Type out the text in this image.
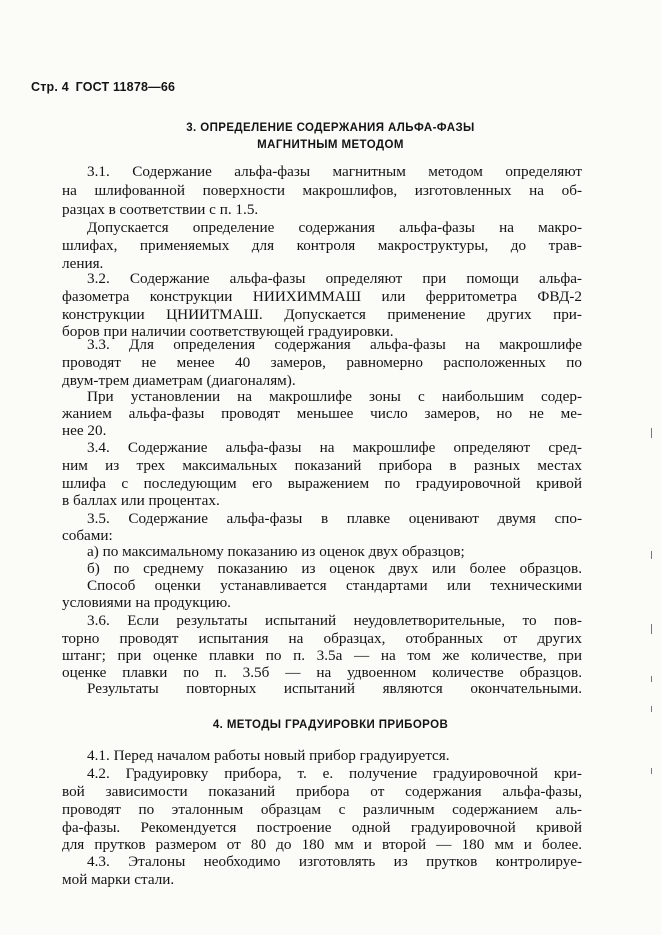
Стр. 4 ГОСТ 11878—66
3. ОПРЕДЕЛЕНИЕ СОДЕРЖАНИЯ АЛЬФА-ФАЗЫ
МАГНИТНЫМ МЕТОДОМ
3.1. Содержание альфа-фазы магнитным методом определяют
на шлифованной поверхности макрошлифов, изготовленных на об-
разцах в соответствии с п. 1.5.
Допускается определение содержания альфа-фазы на макро-
шлифах, применяемых для контроля макроструктуры, до трав-
ления.
3.2. Содержание альфа-фазы определяют при помощи альфа-
фазометра конструкции НИИХИММАШ или ферритометра ФВД-2
конструкции ЦНИИТМАШ. Допускается применение других при-
боров при наличии соответствующей градуировки.
3.3. Для определения содержания альфа-фазы на макрошлифе
проводят не менее 40 замеров, равномерно расположенных по
двум-трем диаметрам (диагоналям).
При установлении на макрошлифе зоны с наибольшим содер-
жанием альфа-фазы проводят меньшее число замеров, но не ме-
нее 20.
3.4. Содержание альфа-фазы на макрошлифе определяют сред-
ним из трех максимальных показаний прибора в разных местах
шлифа с последующим его выражением по градуировочной кривой
в баллах или процентах.
3.5. Содержание альфа-фазы в плавке оценивают двумя спо-
собами:
а) по максимальному показанию из оценок двух образцов;
б) по среднему показанию из оценок двух или более образцов.
Способ оценки устанавливается стандартами или техническими
условиями на продукцию.
3.6. Если результаты испытаний неудовлетворительные, то пов-
торно проводят испытания на образцах, отобранных от других
штанг; при оценке плавки по п. 3.5а — на том же количестве, при
оценке плавки по п. 3.5б — на удвоенном количестве образцов.
Результаты повторных испытаний являются окончательными.
4. МЕТОДЫ ГРАДУИРОВКИ ПРИБОРОВ
4.1. Перед началом работы новый прибор градуируется.
4.2. Градуировку прибора, т. е. получение градуировочной кри-
вой зависимости показаний прибора от содержания альфа-фазы,
проводят по эталонным образцам с различным содержанием аль-
фа-фазы. Рекомендуется построение одной градуировочной кривой
для прутков размером от 80 до 180 мм и второй — 180 мм и более.
4.3. Эталоны необходимо изготовлять из прутков контролируе-
мой марки стали.
